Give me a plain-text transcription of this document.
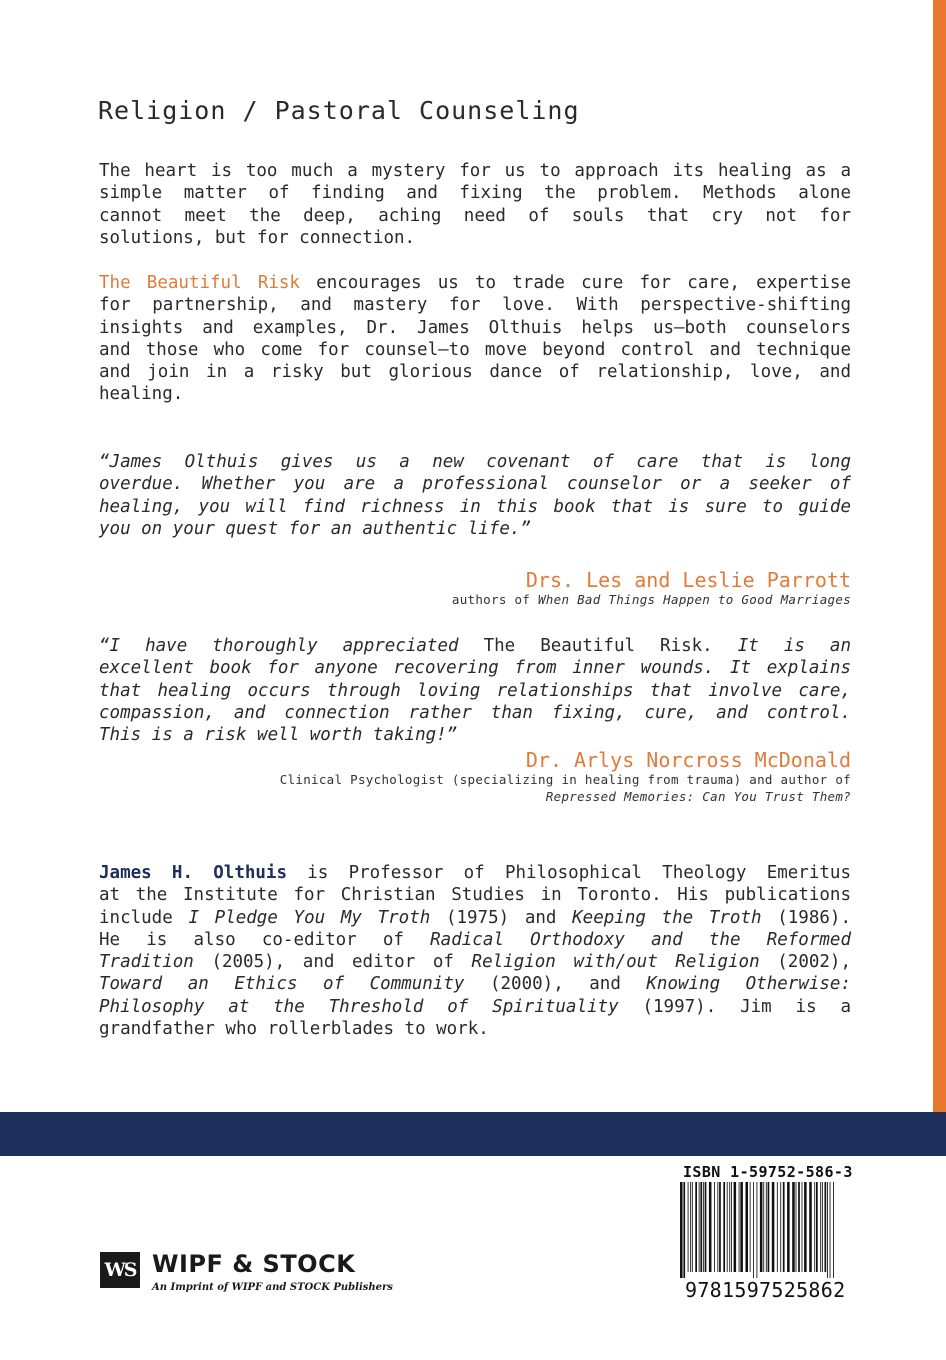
Religion / Pastoral Counseling
The heart is too much a mystery for us to approach its healing as a
simple matter of finding and fixing the problem. Methods alone
cannot meet the deep, aching need of souls that cry not for
solutions, but for connection.
The Beautiful Risk encourages us to trade cure for care, expertise
for partnership, and mastery for love. With perspective-shifting
insights and examples, Dr. James Olthuis helps us—both counselors
and those who come for counsel—to move beyond control and technique
and join in a risky but glorious dance of relationship, love, and
healing.
“James Olthuis gives us a new covenant of care that is long
overdue. Whether you are a professional counselor or a seeker of
healing, you will find richness in this book that is sure to guide
you on your quest for an authentic life.”
Drs. Les and Leslie Parrott
authors of When Bad Things Happen to Good Marriages
“I have thoroughly appreciated The Beautiful Risk. It is an
excellent book for anyone recovering from inner wounds. It explains
that healing occurs through loving relationships that involve care,
compassion, and connection rather than fixing, cure, and control.
This is a risk well worth taking!”
Dr. Arlys Norcross McDonald
Clinical Psychologist (specializing in healing from trauma) and author of
Repressed Memories: Can You Trust Them?
James H. Olthuis is Professor of Philosophical Theology Emeritus
at the Institute for Christian Studies in Toronto. His publications
include I Pledge You My Troth (1975) and Keeping the Troth (1986).
He is also co-editor of Radical Orthodoxy and the Reformed
Tradition (2005), and editor of Religion with/out Religion (2002),
Toward an Ethics of Community (2000), and Knowing Otherwise:
Philosophy at the Threshold of Spirituality (1997). Jim is a
grandfather who rollerblades to work.
ISBN 1-59752-586-3
9781597525862
WS WIPF & STOCK
An Imprint of WIPF and STOCK Publishers
